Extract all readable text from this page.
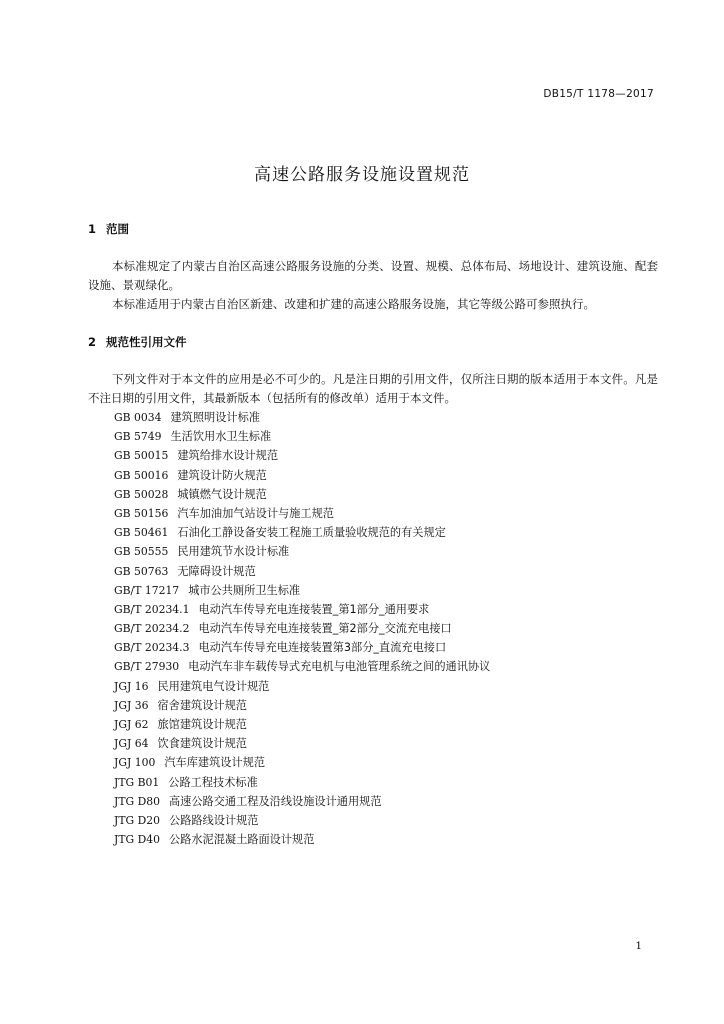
DB15/T 1178—2017
高速公路服务设施设置规范
1 范围
本标准规定了内蒙古自治区高速公路服务设施的分类、设置、规模、总体布局、场地设计、建筑设施、配套设施、景观绿化。
本标准适用于内蒙古自治区新建、改建和扩建的高速公路服务设施，其它等级公路可参照执行。
2 规范性引用文件
下列文件对于本文件的应用是必不可少的。凡是注日期的引用文件，仅所注日期的版本适用于本文件。凡是不注日期的引用文件，其最新版本（包括所有的修改单）适用于本文件。
GB 0034 建筑照明设计标准
GB 5749 生活饮用水卫生标准
GB 50015 建筑给排水设计规范
GB 50016 建筑设计防火规范
GB 50028 城镇燃气设计规范
GB 50156 汽车加油加气站设计与施工规范
GB 50461 石油化工静设备安装工程施工质量验收规范的有关规定
GB 50555 民用建筑节水设计标准
GB 50763 无障碍设计规范
GB/T 17217 城市公共厕所卫生标准
GB/T 20234.1 电动汽车传导充电连接装置_第1部分_通用要求
GB/T 20234.2 电动汽车传导充电连接装置_第2部分_交流充电接口
GB/T 20234.3 电动汽车传导充电连接装置第3部分_直流充电接口
GB/T 27930 电动汽车非车载传导式充电机与电池管理系统之间的通讯协议
JGJ 16 民用建筑电气设计规范
JGJ 36 宿舍建筑设计规范
JGJ 62 旅馆建筑设计规范
JGJ 64 饮食建筑设计规范
JGJ 100 汽车库建筑设计规范
JTG B01 公路工程技术标准
JTG D80 高速公路交通工程及沿线设施设计通用规范
JTG D20 公路路线设计规范
JTG D40 公路水泥混凝土路面设计规范
1
